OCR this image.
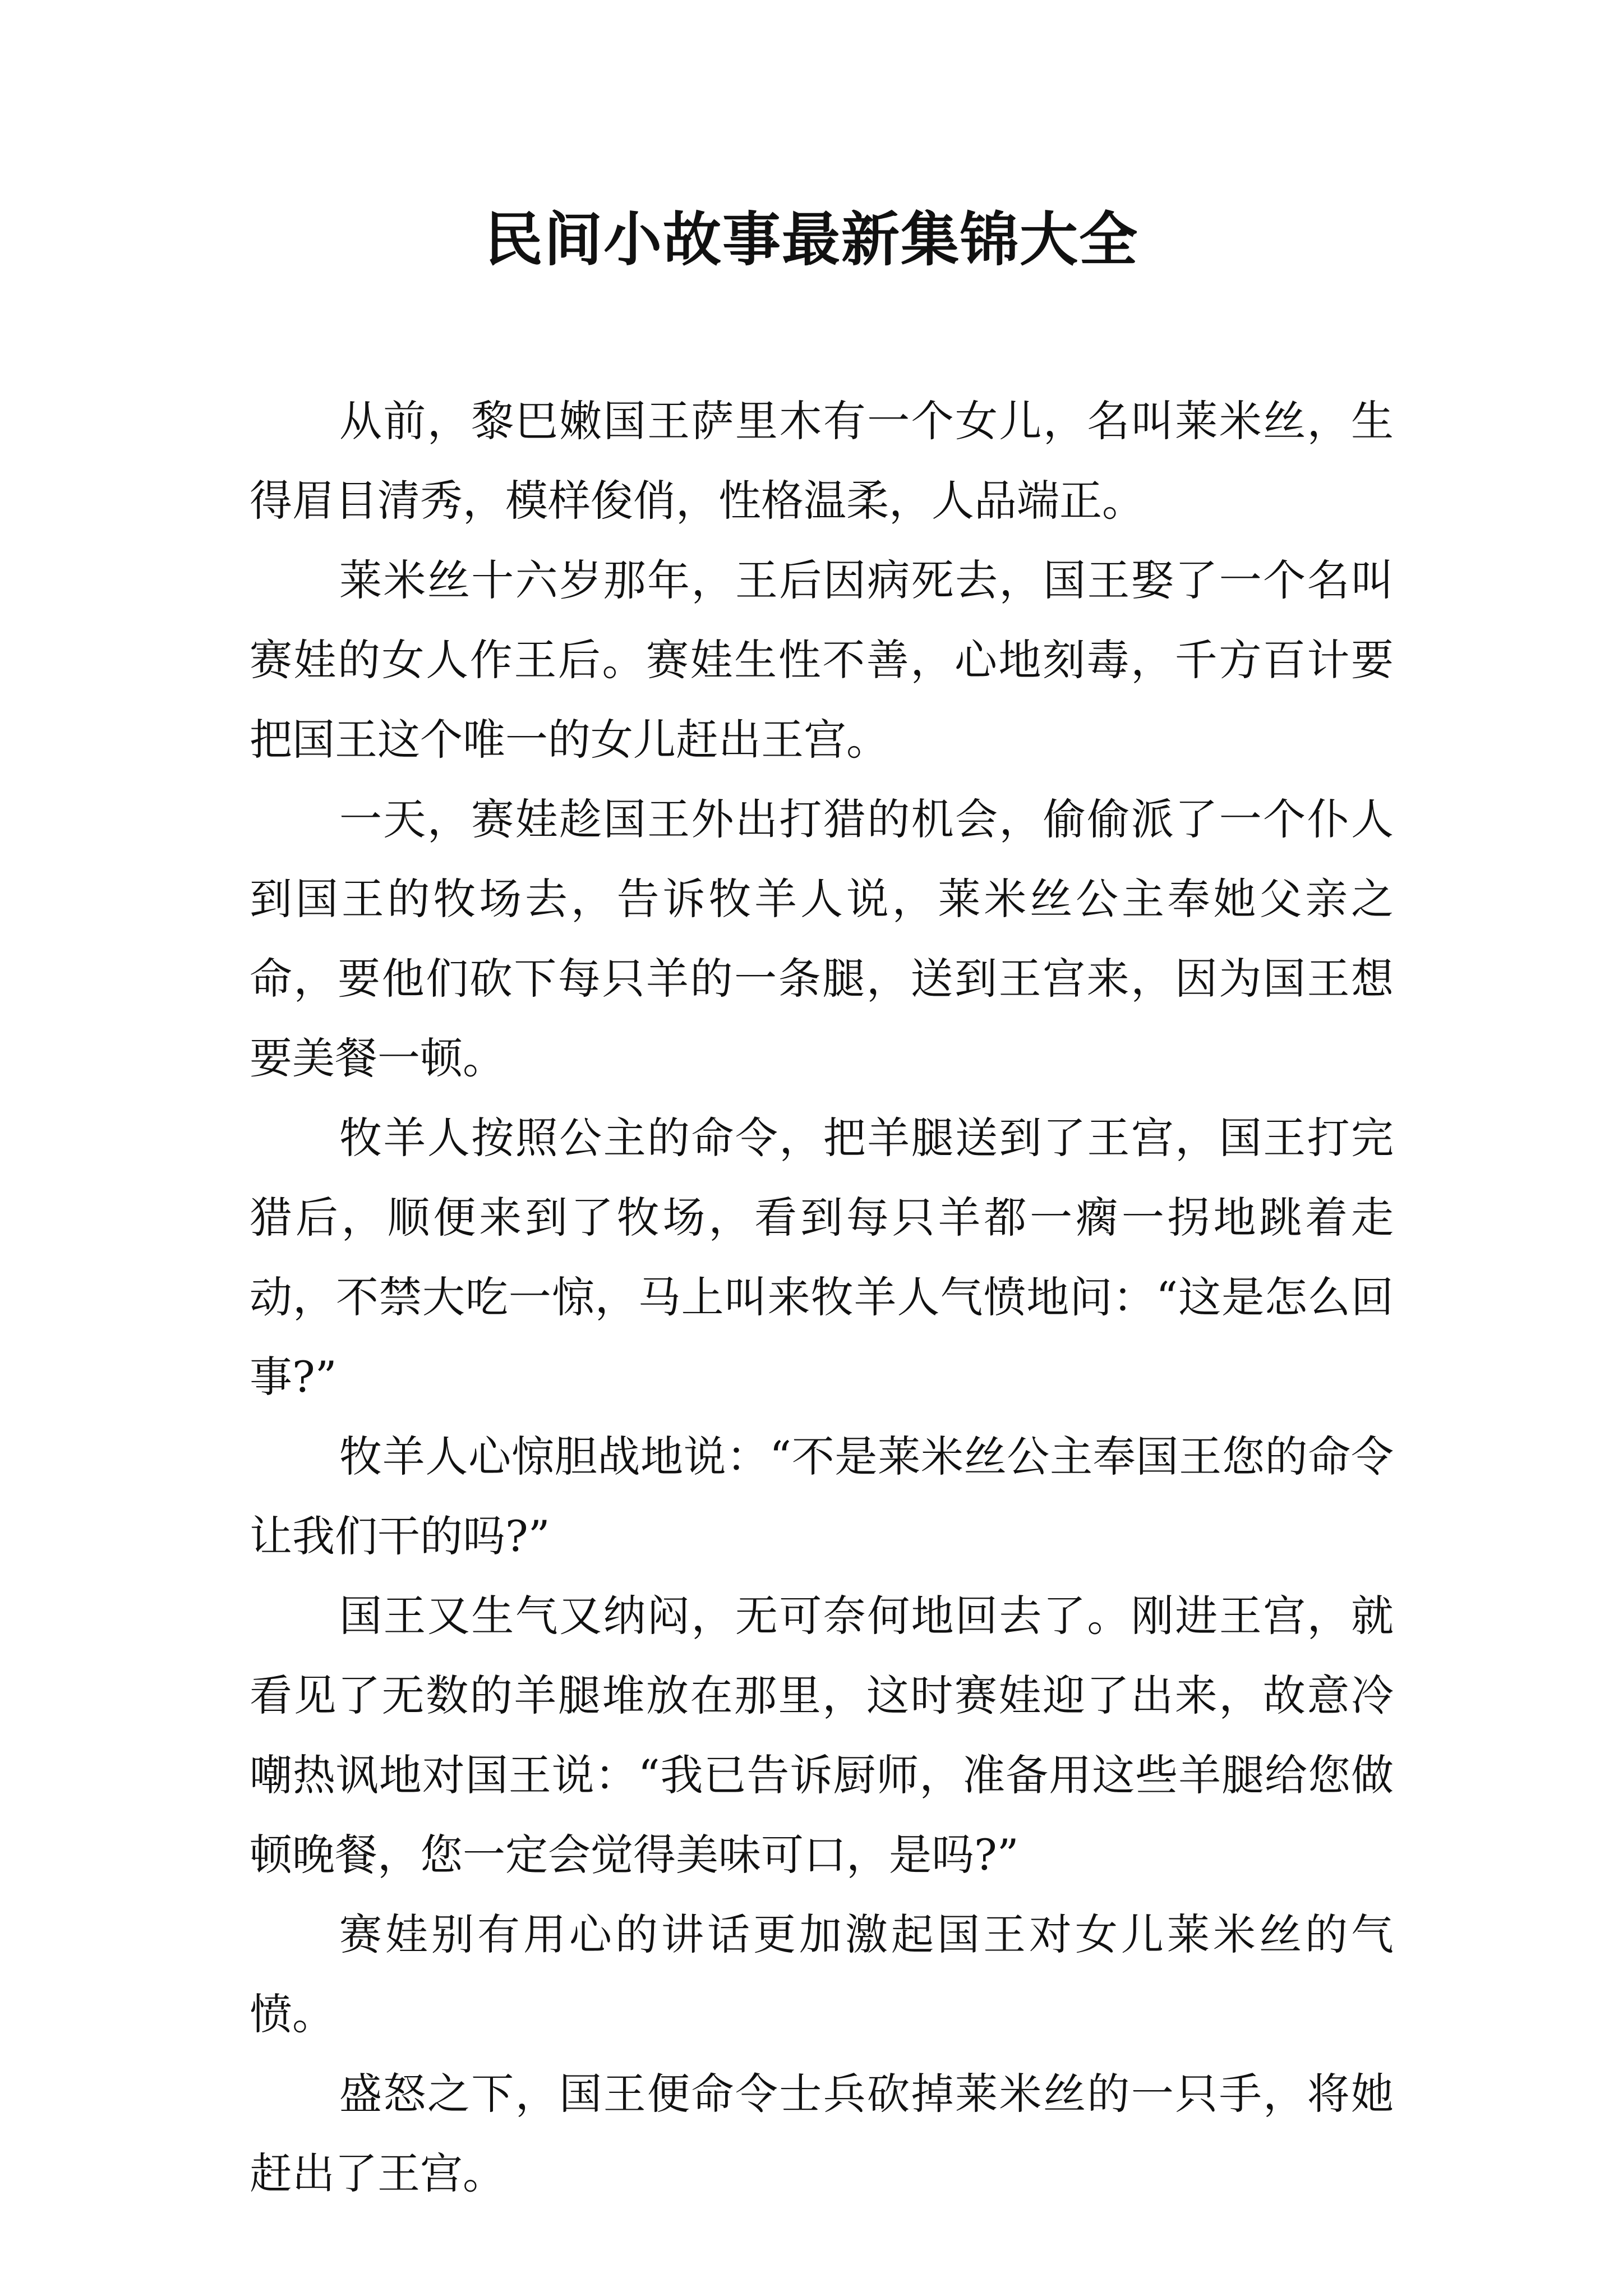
民间小故事最新集锦大全

从前，黎巴嫩国王萨里木有一个女儿，名叫莱米丝，生得眉目清秀，模样俊俏，性格温柔，人品端正。

莱米丝十六岁那年，王后因病死去，国王娶了一个名叫赛娃的女人作王后。赛娃生性不善，心地刻毒，千方百计要把国王这个唯一的女儿赶出王宫。

一天，赛娃趁国王外出打猎的机会，偷偷派了一个仆人到国王的牧场去，告诉牧羊人说，莱米丝公主奉她父亲之命，要他们砍下每只羊的一条腿，送到王宫来，因为国王想要美餐一顿。

牧羊人按照公主的命令，把羊腿送到了王宫，国王打完猎后，顺便来到了牧场，看到每只羊都一瘸一拐地跳着走动，不禁大吃一惊，马上叫来牧羊人气愤地问：“这是怎么回事?”

牧羊人心惊胆战地说：“不是莱米丝公主奉国王您的命令让我们干的吗?”

国王又生气又纳闷，无可奈何地回去了。刚进王宫，就看见了无数的羊腿堆放在那里，这时赛娃迎了出来，故意冷嘲热讽地对国王说：“我已告诉厨师，准备用这些羊腿给您做顿晚餐，您一定会觉得美味可口，是吗?”

赛娃别有用心的讲话更加激起国王对女儿莱米丝的气愤。

盛怒之下，国王便命令士兵砍掉莱米丝的一只手，将她赶出了王宫。
